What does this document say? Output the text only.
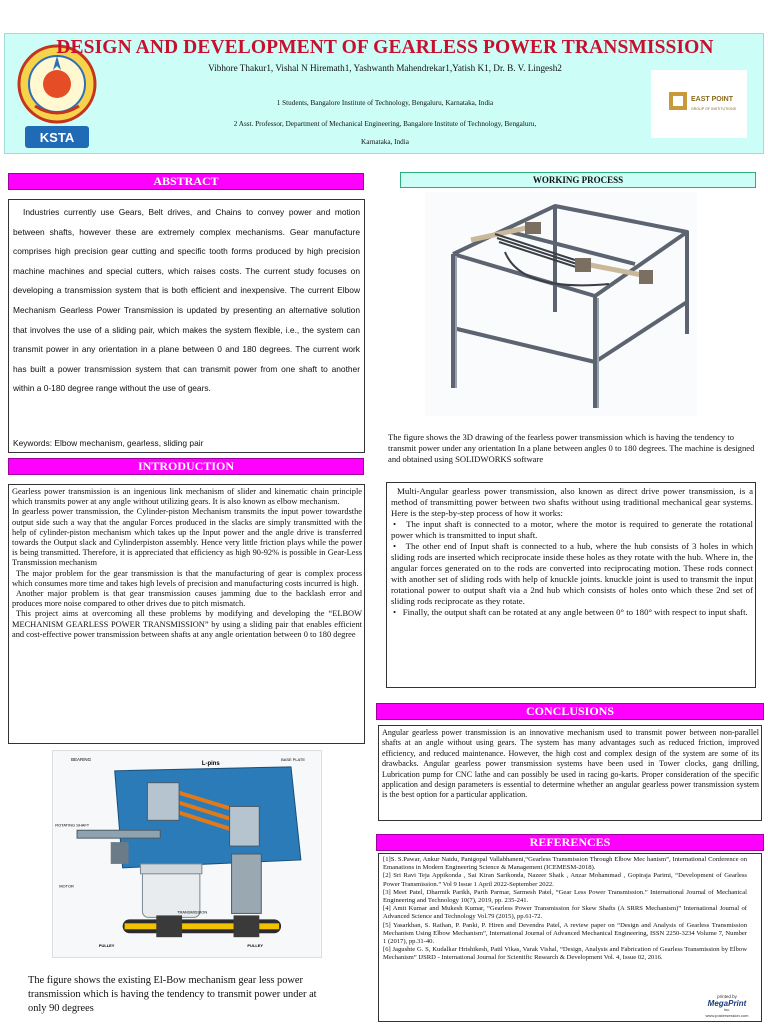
KSTA
DESIGN AND DEVELOPMENT OF GEARLESS POWER TRANSMISSION
Vibhore Thakur1, Vishal N Hiremath1, Yashwanth Mahendrekar1,Yatish K1, Dr. B. V. Lingesh2
1 Students, Bangalore Institute of Technology, Bengaluru, Karnataka, India
2 Asst. Professor, Department of Mechanical Engineering, Bangalore Institute of Technology, Bengaluru,
Karnataka, India
EAST POINT
GROUP OF INSTITUTIONS
ABSTRACT
Industries currently use Gears, Belt drives, and Chains to convey power and motion between shafts, however these are extremely complex mechanisms. Gear manufacture comprises high precision gear cutting and specific tooth forms produced by high precision machine machines and special cutters, which raises costs. The current study focuses on developing a transmission system that is both efficient and inexpensive. The current Elbow Mechanism Gearless Power Transmission is updated by presenting an alternative solution that involves the use of a sliding pair, which makes the system flexible, i.e., the system can transmit power in any orientation in a plane between 0 and 180 degrees. The current work has built a power transmission system that can transmit power from one shaft to another within a 0-180 degree range without the use of gears.
Keywords: Elbow mechanism, gearless, sliding pair
INTRODUCTION
Gearless power transmission is an ingenious link mechanism of slider and kinematic chain principle which transmits power at any angle without utilizing gears. It is also known as elbow mechanism.
In gearless power transmission, the Cylinder-piston Mechanism transmits the input power towardsthe output side such a way that the angular Forces produced in the slacks are simply transmitted with the help of cylinder-piston mechanism which takes up the Input power and the angle drive is transferred towards the Output slack and Cylinderpiston assembly. Hence very little friction plays while the power is being transmitted. Therefore, it is appreciated that efficiency as high 90-92% is possible in Gear-Less Transmission mechanism
The major problem for the gear transmission is that the manufacturing of gear is complex process which consumes more time and takes high levels of precision and manufacturing costs incurred is high.
Another major problem is that gear transmission causes jamming due to the backlash error and produces more noise compared to other drives due to pitch mismatch.
This project aims at overcoming all these problems by modifying and developing the “ELBOW MECHANISM GEARLESS POWER TRANSMISSION” by using a sliding pair that enables efficient and cost-effective power transmission between shafts at any angle orientation between 0 to 180 degree
BEARING
L-pins
BASE PLATE
ROTATING SHAFT
MOTOR
TRANSMISSION
PULLEY	PULLEY
The figure shows the existing El-Bow mechanism gear less power transmission which is having the tendency to transmit power under at only 90 degrees
WORKING PROCESS
The figure shows the 3D drawing of the fearless power transmission which is having the tendency to transmit power under any orientation In a plane between angles 0 to 180 degrees. The machine is designed and obtained using SOLIDWORKS software
Multi-Angular gearless power transmission, also known as direct drive power transmission, is a method of transmitting power between two shafts without using traditional mechanical gear systems. Here is the step-by-step process of how it works:
• The input shaft is connected to a motor, where the motor is required to generate the rotational power which is transmitted to input shaft.
• The other end of Input shaft is connected to a hub, where the hub consists of 3 holes in which sliding rods are inserted which reciprocate inside these holes as they rotate with the hub. Where in, the angular forces generated on to the rods are converted into reciprocating motion. These rods connect with another set of sliding rods with help of knuckle joints. knuckle joint is used to transmit the input rotational power to output shaft via a 2nd hub which consists of holes onto which these 2nd set of sliding rods reciprocate as they rotate.
• Finally, the output shaft can be rotated at any angle between 0° to 180° with respect to input shaft.
CONCLUSIONS
Angular gearless power transmission is an innovative mechanism used to transmit power between non-parallel shafts at an angle without using gears. The system has many advantages such as reduced friction, improved efficiency, and reduced maintenance. However, the high cost and complex design of the system are some of its drawbacks. Angular gearless power transmission systems have been used in Tower clocks, gang drilling, Lubrication pump for CNC lathe and can possibly be used in racing go-karts. Proper consideration of the specific application and design parameters is essential to determine whether an angular gearless power transmission system is the best option for a particular application.
REFERENCES
[1]S. S.Pawar, Ankur Naidu, Panigopal Vallabhaneni,“Gearless Transmission Through Elbow Mec hanism”, International Conference on Emanations in Modern Engineering Science & Management (ICEMESM-2018).
[2] Sri Ravi Teja Appikonda , Sai Kiran Sarikonda, Nazeer Shaik , Anzar Mohammad , Gopiraja Parimi, “Development of Gearless Power Transmission.” Vol 9 Issue 1 April 2022-September 2022.
[3] Meet Patel, Dharmik Parikh, Parth Parmar, Sarmesh Patel, “Gear Less Power Transmission.” International Journal of Mechanical Engineering and Technology 10(7), 2019, pp. 235-241.
[4] Amit Kumar and Mukesh Kumar, “Gearless Power Transmission for Skew Shafts (A SRRS Mechanism)” International Journal of Advanced Science and Technology Vol.79 (2015), pp.61-72.
[5] Yasarkhan, S. Raihan, P. Panki, P. Hiren and Devendra Patel, A review paper on “Design and Analysis of Gearless Transmission Mechanism Using Elbow Mechanism”, International Journal of Advanced Mechanical Engineering, ISSN 2250-3234 Volume 7, Number 1 (2017), pp.31-40.
[6] Jagushte G. S, Kudalkar Hrishikesh, Patil Vikas, Varak Vishal, “Design, Analysis and Fabrication of Gearless Transmission by Elbow Mechanism” IJSRD - International Journal for Scientific Research & Development Vol. 4, Issue 02, 2016.
printed by
MegaPrint
Inc.
www.postersession.com
